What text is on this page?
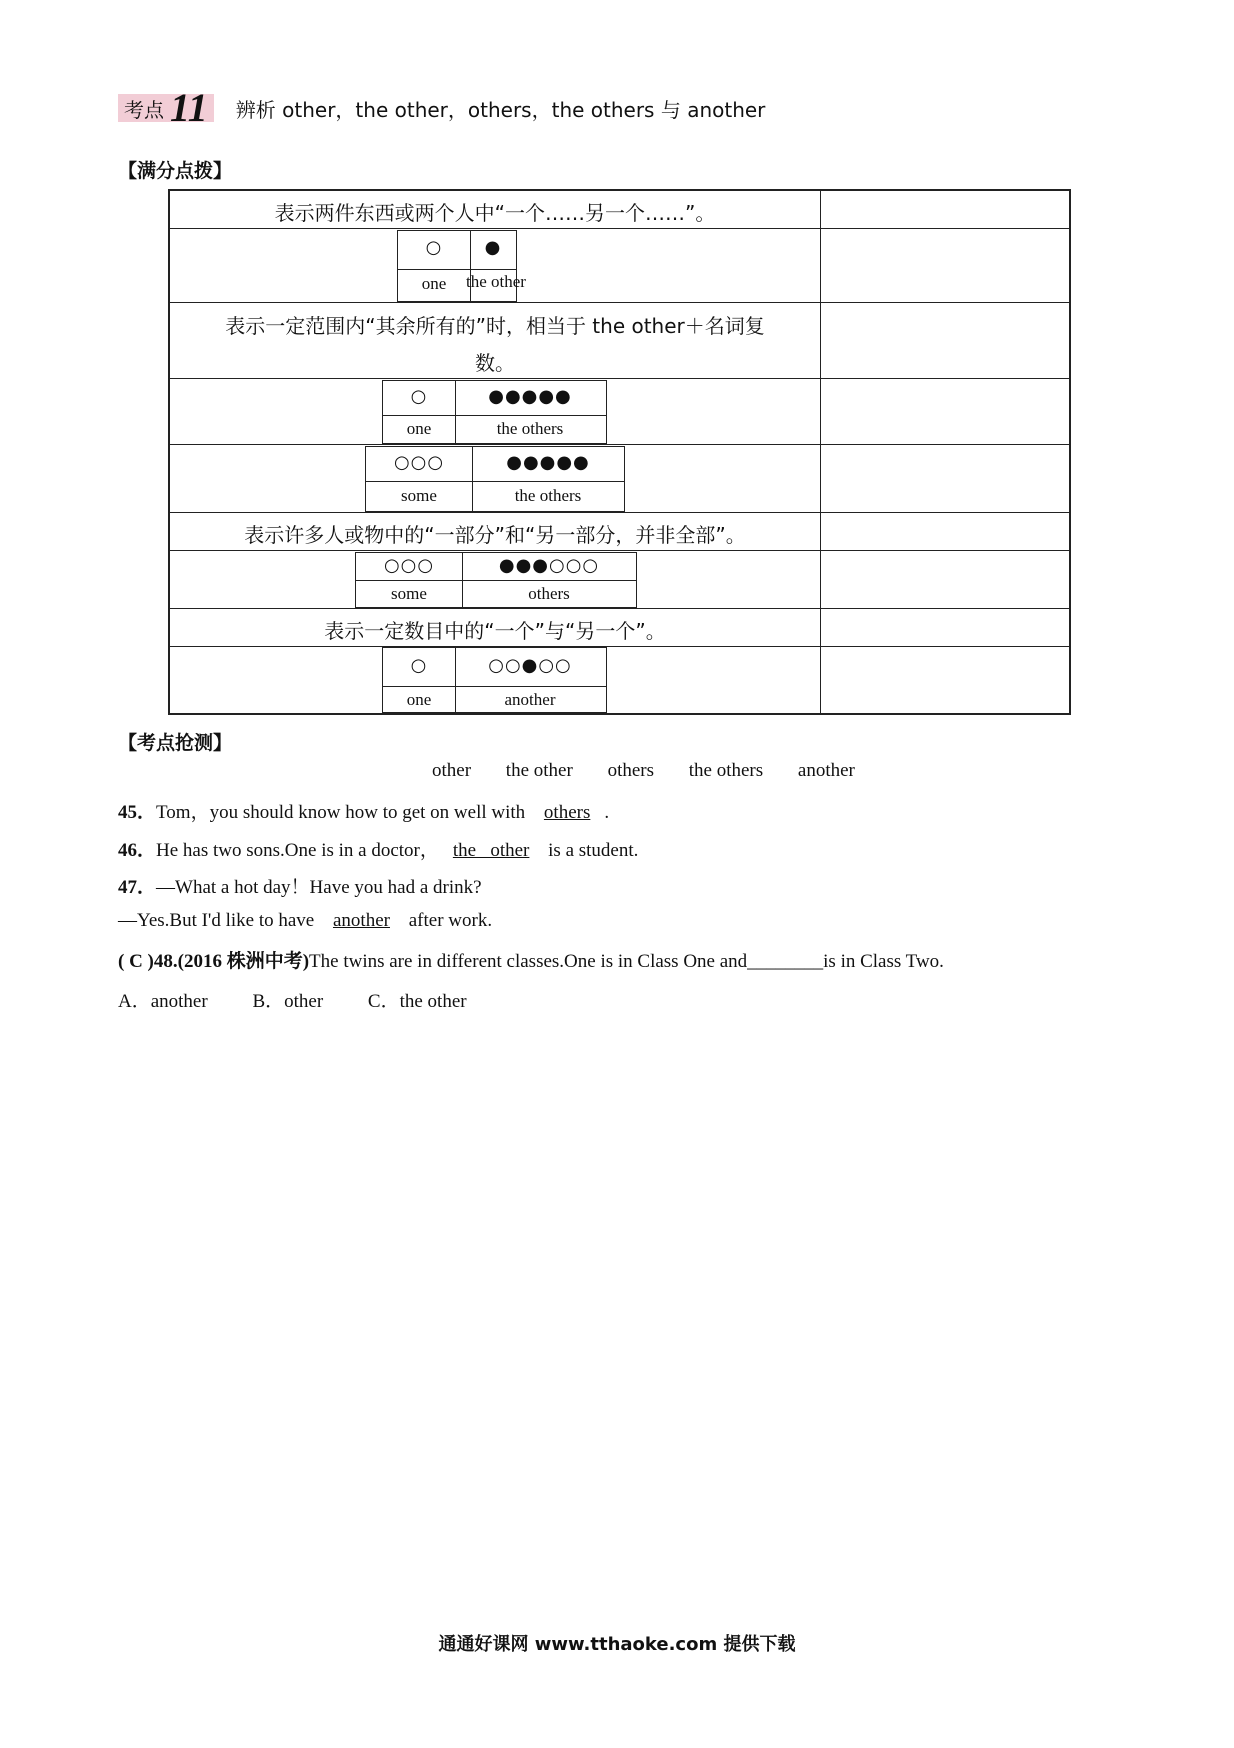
考点 11 辨析 other，the other，others，the others 与 another
【满分点拨】
表示两件东西或两个人中“一个……另一个……”。
○	●
one	the other
表示一定范围内“其余所有的”时，相当于 the other＋名词复
数。
○	●●●●●
one	the others
○○○	●●●●●
some	the others
表示许多人或物中的“一部分”和“另一部分，并非全部”。
○○○	●●●○○○
some	others
表示一定数目中的“一个”与“另一个”。
○	○○●○○
one	another
【考点抢测】
other the other others the others another
45．Tom，you should know how to get on well with others .
46．He has two sons.One is in a doctor， the   other is a student.
47．—What a hot day！Have you had a drink?
—Yes.But I'd like to have another after work.
( C )48.(2016 株洲中考)The twins are in different classes.One is in Class One and________is in Class Two.
A．another B．other C．the other
通通好课网 www.tthaoke.com 提供下载
